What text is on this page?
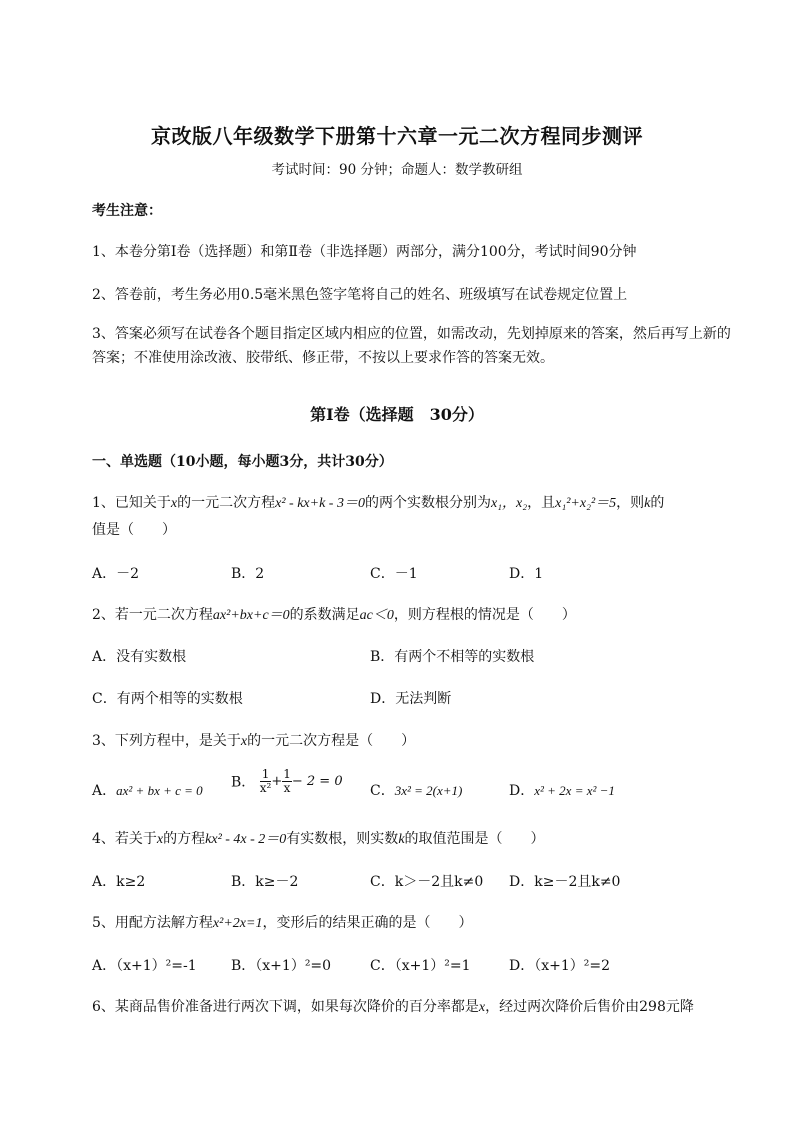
京改版八年级数学下册第十六章一元二次方程同步测评
考试时间：90 分钟；命题人：数学教研组
考生注意：
1、本卷分第Ⅰ卷（选择题）和第Ⅱ卷（非选择题）两部分，满分100分，考试时间90分钟
2、答卷前，考生务必用0.5毫米黑色签字笔将自己的姓名、班级填写在试卷规定位置上
3、答案必须写在试卷各个题目指定区域内相应的位置，如需改动，先划掉原来的答案，然后再写上新的答案；不准使用涂改液、胶带纸、修正带，不按以上要求作答的答案无效。
第Ⅰ卷（选择题　30分）
一、单选题（10小题，每小题3分，共计30分）
1、已知关于x的一元二次方程x² - kx+k - 3＝0的两个实数根分别为x₁，x₂，且x₁²+x₂²＝5，则k的
值是（　　）
A．－2	B．2	C．－1	D．1
2、若一元二次方程ax²+bx+c＝0的系数满足ac＜0，则方程根的情况是（　　）
A．没有实数根	B．有两个不相等的实数根
C．有两个相等的实数根	D．无法判断
3、下列方程中，是关于x的一元二次方程是（　　）
A．ax² + bx + c = 0 B． $\frac{1}{\text{x²}} + \frac{1}{x} - 2 = 0$
C．3x² = 2(x+1)	D．x² + 2x = x² −1
4、若关于x的方程kx² - 4x - 2＝0有实数根，则实数k的取值范围是（　　）
A．k≥2	B．k≥－2	C．k＞－2且k≠0 D．k≥－2且k≠0
5、用配方法解方程x²+2x=1，变形后的结果正确的是（　　）
A．（x+1）²=-1 B．（x+1）²=0	C．（x+1）²=1	D．（x+1）²=2
6、某商品售价准备进行两次下调，如果每次降价的百分率都是x，经过两次降价后售价由298元降
